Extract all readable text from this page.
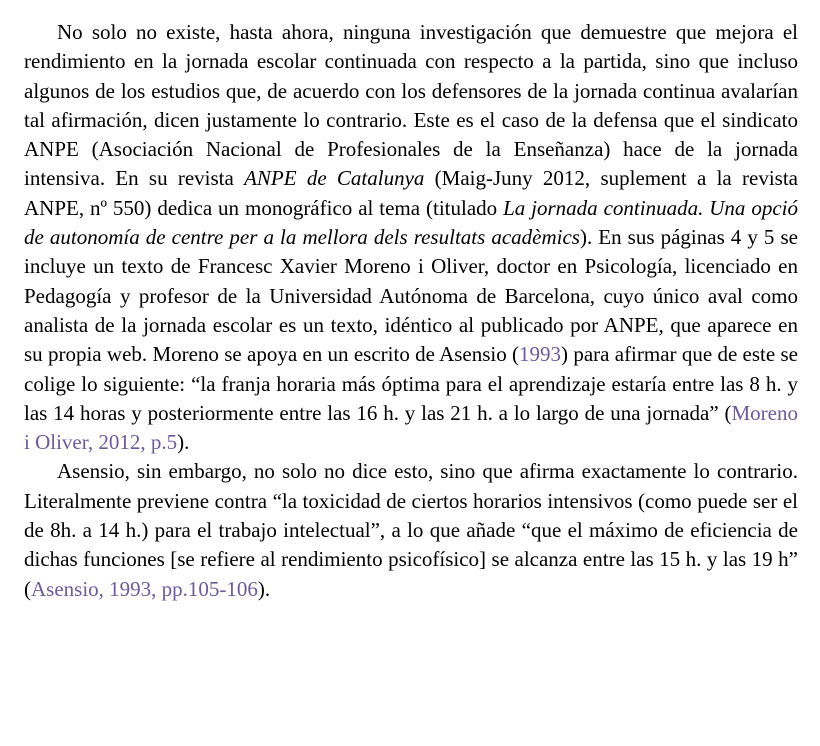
No solo no existe, hasta ahora, ninguna investigación que demuestre que mejora el rendimiento en la jornada escolar continuada con respecto a la partida, sino que incluso algunos de los estudios que, de acuerdo con los defensores de la jornada continua avalarían tal afirmación, dicen justamente lo contrario. Este es el caso de la defensa que el sindicato ANPE (Asociación Nacional de Profesionales de la Enseñanza) hace de la jornada intensiva. En su revista ANPE de Catalunya (Maig-Juny 2012, suplement a la revista ANPE, nº 550) dedica un monográfico al tema (titulado La jornada continuada. Una opció de autonomía de centre per a la mellora dels resultats acadèmics). En sus páginas 4 y 5 se incluye un texto de Francesc Xavier Moreno i Oliver, doctor en Psicología, licenciado en Pedagogía y profesor de la Universidad Autónoma de Barcelona, cuyo único aval como analista de la jornada escolar es un texto, idéntico al publicado por ANPE, que aparece en su propia web. Moreno se apoya en un escrito de Asensio (1993) para afirmar que de este se colige lo siguiente: “la franja horaria más óptima para el aprendizaje estaría entre las 8 h. y las 14 horas y posteriormente entre las 16 h. y las 21 h. a lo largo de una jornada” (Moreno i Oliver, 2012, p.5).

Asensio, sin embargo, no solo no dice esto, sino que afirma exactamente lo contrario. Literalmente previene contra “la toxicidad de ciertos horarios intensivos (como puede ser el de 8h. a 14 h.) para el trabajo intelectual”, a lo que añade “que el máximo de eficiencia de dichas funciones [se refiere al rendimiento psicofísico] se alcanza entre las 15 h. y las 19 h” (Asensio, 1993, pp.105-106).
